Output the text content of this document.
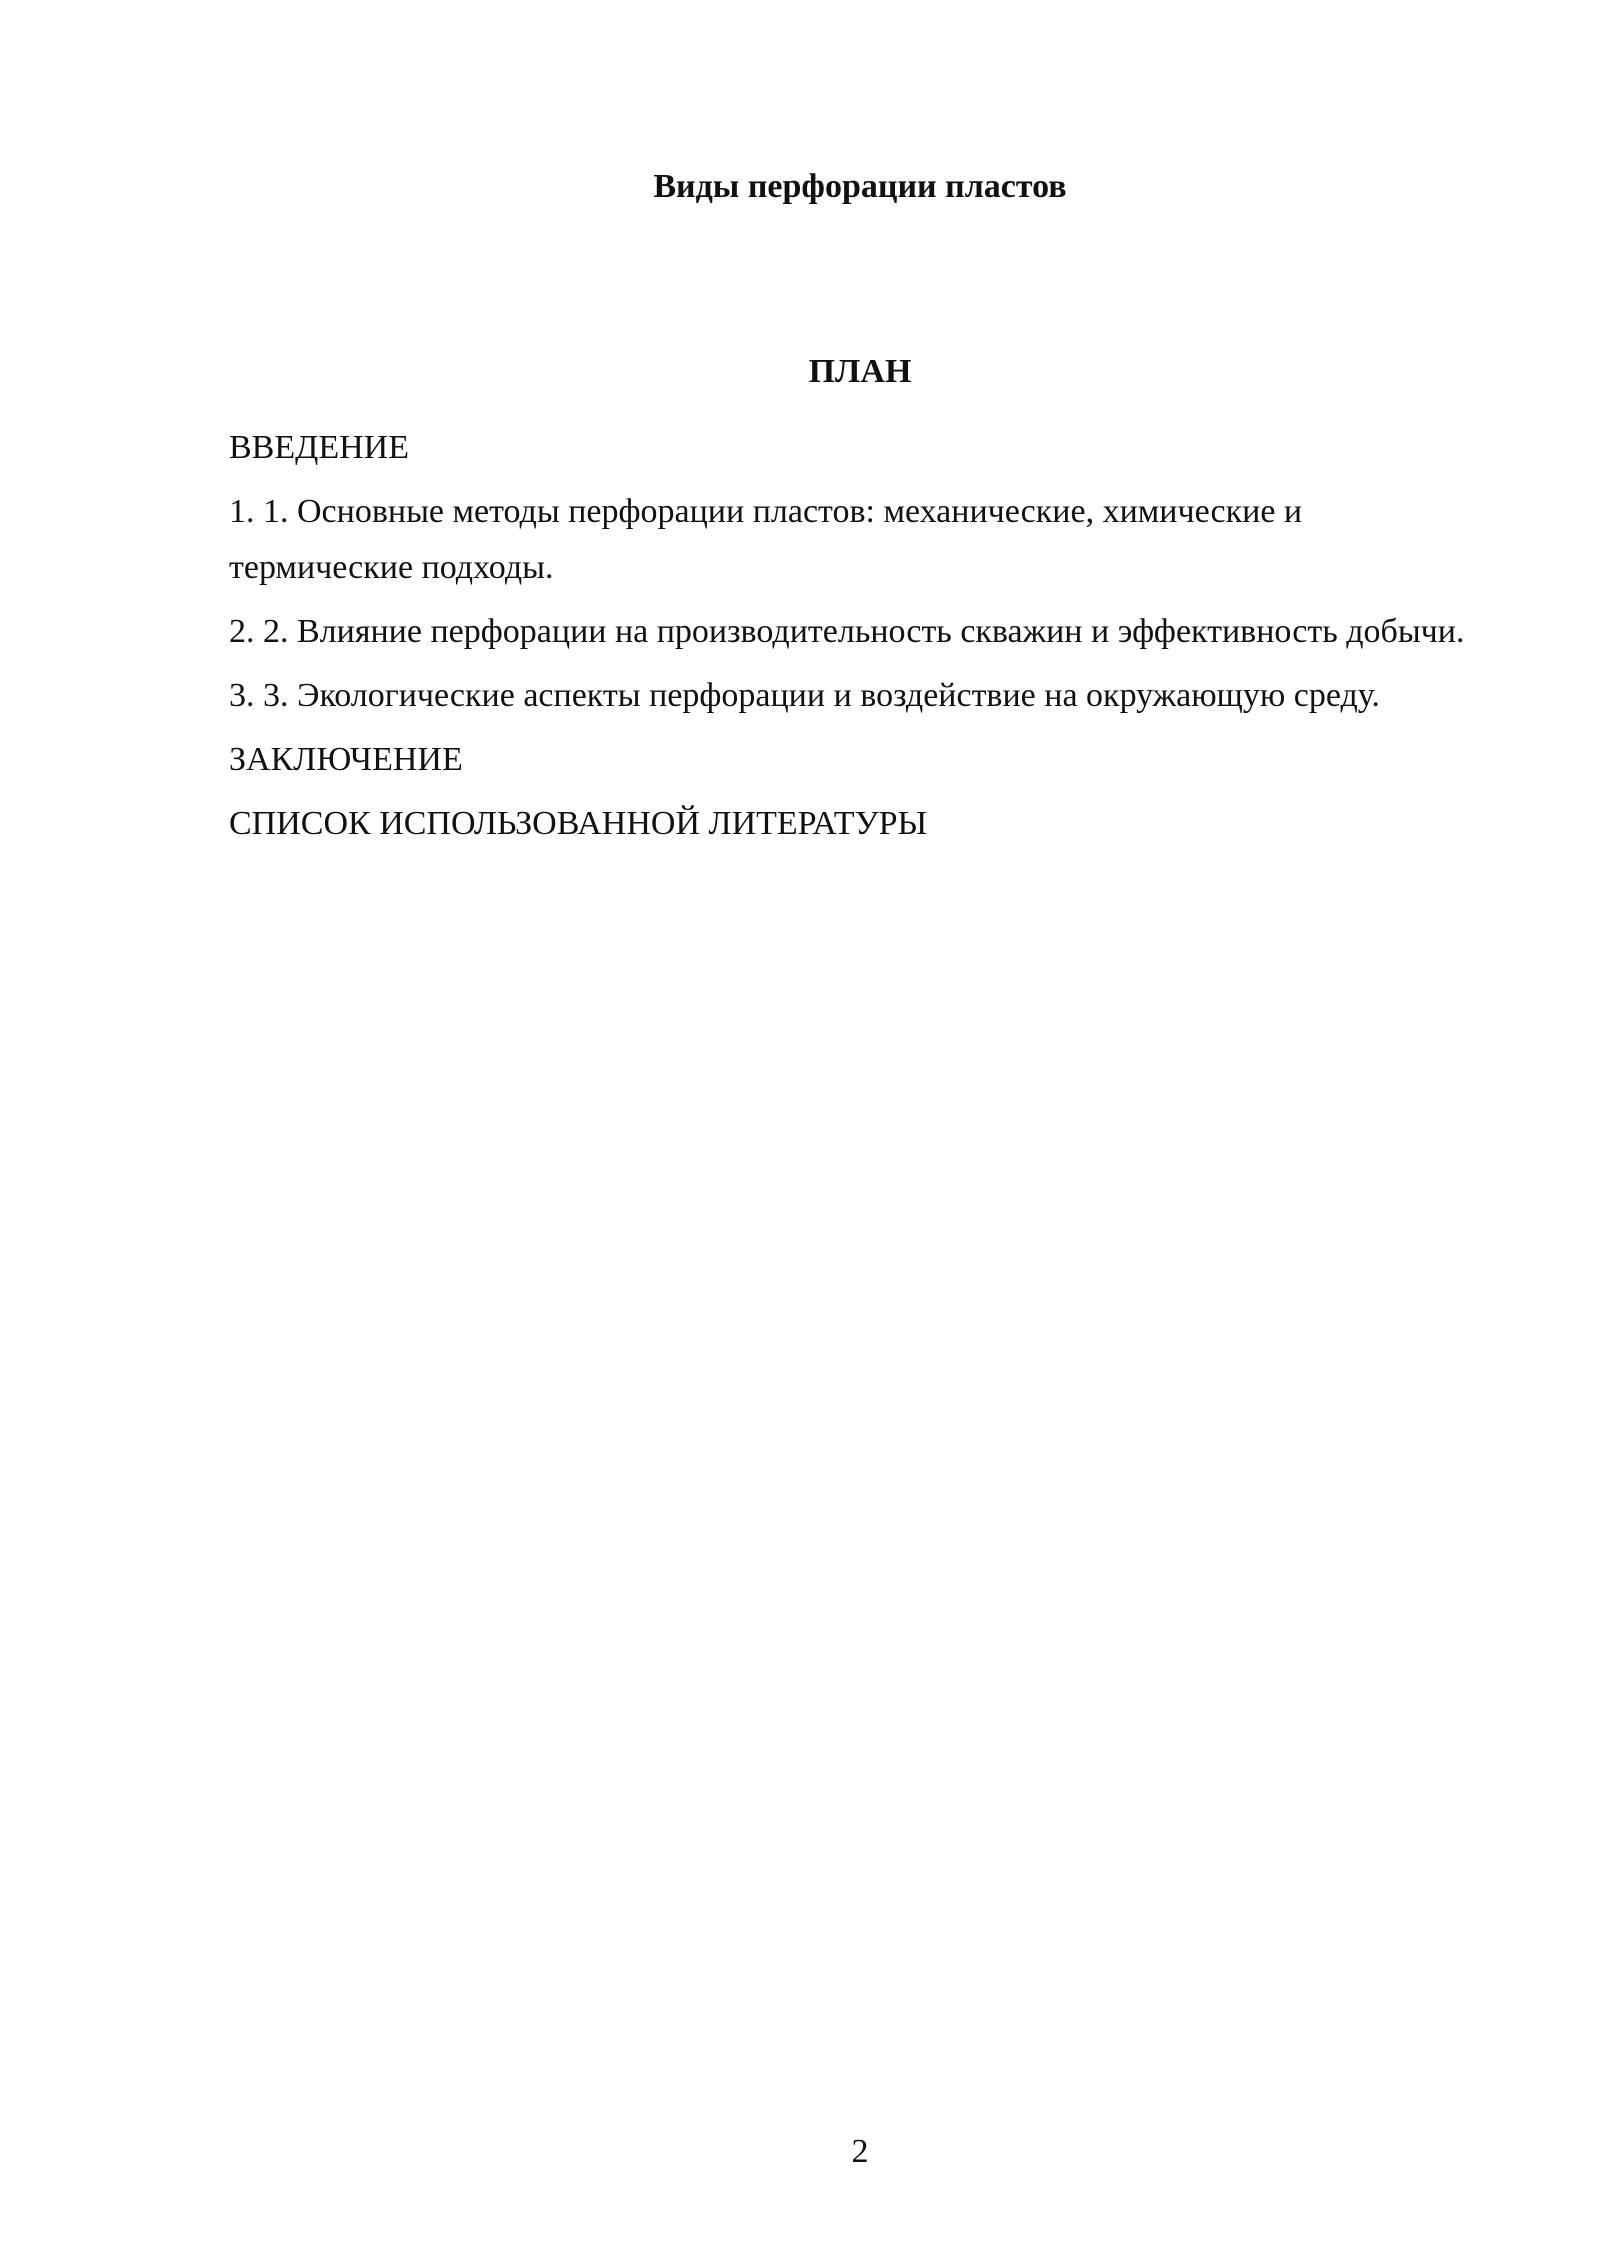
Виды перфорации пластов
ПЛАН

ВВЕДЕНИЕ

1. 1. Основные методы перфорации пластов: механические, химические и термические подходы.

2. 2. Влияние перфорации на производительность скважин и эффективность добычи.

3. 3. Экологические аспекты перфорации и воздействие на окружающую среду.

ЗАКЛЮЧЕНИЕ

СПИСОК ИСПОЛЬЗОВАННОЙ ЛИТЕРАТУРЫ

2
